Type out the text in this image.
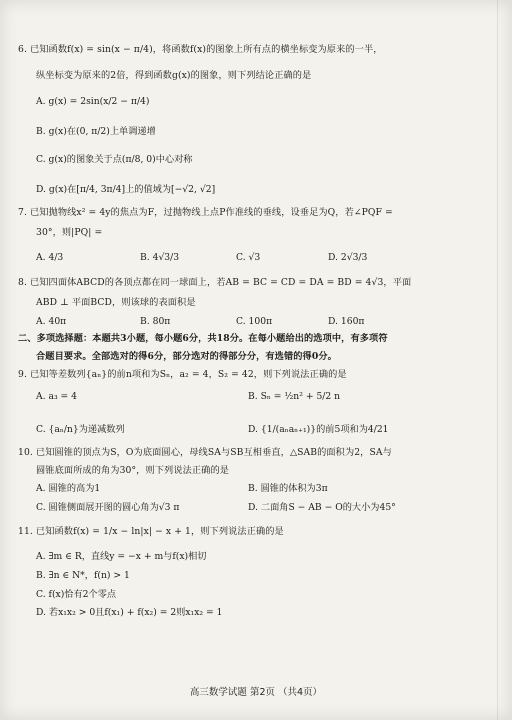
6. 已知函数f(x) = sin(x − π/4)，将函数f(x)的图象上所有点的横坐标变为原来的一半，
纵坐标变为原来的2倍，得到函数g(x)的图象，则下列结论正确的是
A. g(x) = 2sin(x/2 − π/4)
B. g(x)在(0, π/2)上单调递增
C. g(x)的图象关于点(π/8, 0)中心对称
D. g(x)在[π/4, 3π/4]上的值域为[−√2, √2]
7. 已知抛物线x² = 4y的焦点为F，过抛物线上点P作准线的垂线，设垂足为Q，若∠PQF =
30°，则|PQ| =
A. 4/3	B. 4√3/3	C. √3	D. 2√3/3
8. 已知四面体ABCD的各顶点都在同一球面上，若AB = BC = CD = DA = BD = 4√3，平面
ABD ⊥ 平面BCD，则该球的表面积是
A. 40π	B. 80π	C. 100π	D. 160π
二、多项选择题：本题共3小题，每小题6分，共18分。在每小题给出的选项中，有多项符
合题目要求。全部选对的得6分，部分选对的得部分分，有选错的得0分。
9. 已知等差数列{aₙ}的前n项和为Sₙ，a₂ = 4，S₂ = 42，则下列说法正确的是
A. a₃ = 4	B. Sₙ = ½n² + 5/2 n
C. {aₙ/n}为递减数列	D. {1/(aₙaₙ₊₁)}的前5项和为4/21
10. 已知圆锥的顶点为S，O为底面圆心，母线SA与SB互相垂直，△SAB的面积为2，SA与
圆锥底面所成的角为30°，则下列说法正确的是
A. 圆锥的高为1	B. 圆锥的体积为3π
C. 圆锥侧面展开图的圆心角为√3 π	D. 二面角S − AB − O的大小为45°
11. 已知函数f(x) = 1/x − ln|x| − x + 1，则下列说法正确的是
A. ∃m ∈ R，直线y = −x + m与f(x)相切
B. ∃n ∈ N*，f(n) > 1
C. f(x)恰有2个零点
D. 若x₁x₂ > 0且f(x₁) + f(x₂) = 2则x₁x₂ = 1
高三数学试题 第2页 （共4页）
